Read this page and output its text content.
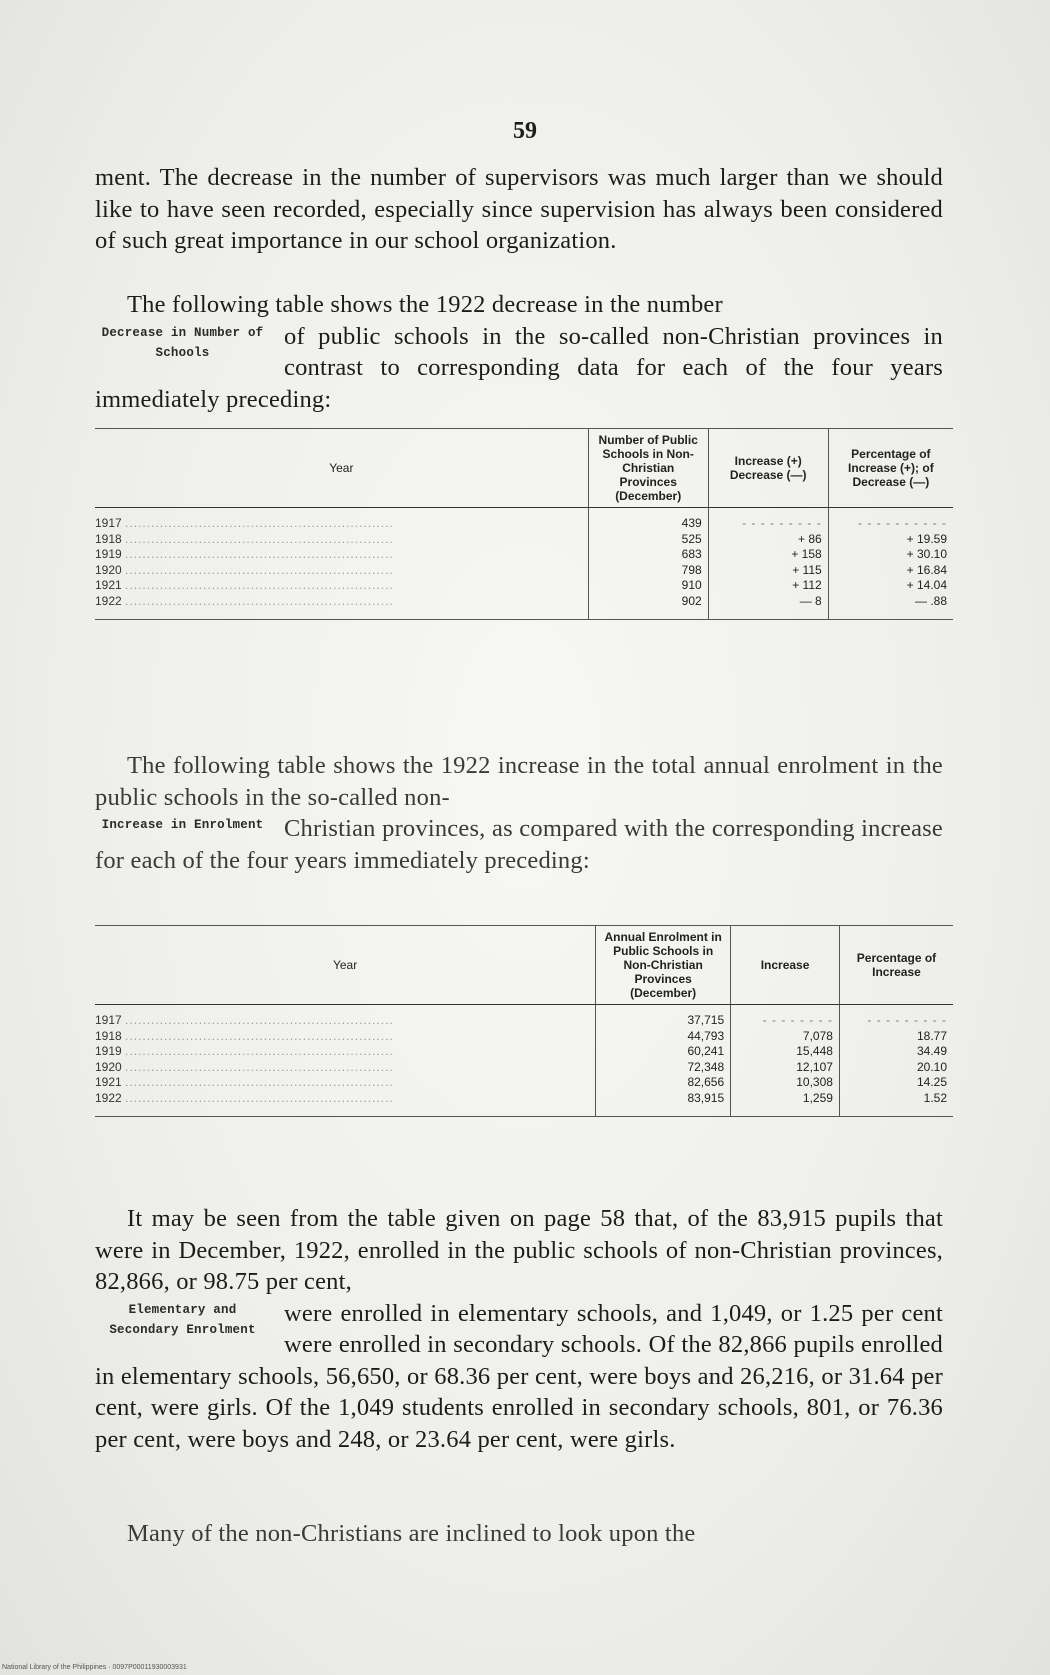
59
ment. The decrease in the number of supervisors was much larger than we should like to have seen recorded, especially since supervision has always been considered of such great importance in our school organization.
The following table shows the 1922 decrease in the number

Decrease in Number of Schools
of public schools in the so-called non-Christian provinces in contrast to corresponding data for each of the four years immediately preceding:
Year	Number of Public Schools in Non-Christian Provinces (December)	Increase (+) Decrease (—)	Percentage of Increase (+); of Decrease (—)
1917 ..............................................................	439	- - - - - - - - -	- - - - - - - - - -
1918 ..............................................................	525	+ 86	+ 19.59
1919 ..............................................................	683	+ 158	+ 30.10
1920 ..............................................................	798	+ 115	+ 16.84
1921 ..............................................................	910	+ 112	+ 14.04
1922 ..............................................................	902	— 8	— .88
The following table shows the 1922 increase in the total annual enrolment in the public schools in the so-called non-

Increase in Enrolment Christian provinces, as compared with the corresponding increase for each of the four years immediately preceding:
Year	Annual Enrolment in Public Schools in Non-Christian Provinces (December)	Increase	Percentage of Increase
1917 ..............................................................	37,715	- - - - - - - -	- - - - - - - - -
1918 ..............................................................	44,793	7,078	18.77
1919 ..............................................................	60,241	15,448	34.49
1920 ..............................................................	72,348	12,107	20.10
1921 ..............................................................	82,656	10,308	14.25
1922 ..............................................................	83,915	1,259	1.52
It may be seen from the table given on page 58 that, of the 83,915 pupils that were in December, 1922, enrolled in the public schools of non-Christian provinces, 82,866, or 98.75 per cent,

Elementary and Secondary Enrolment
were enrolled in elementary schools, and 1,049, or 1.25 per cent were enrolled in secondary schools. Of the 82,866 pupils enrolled in elementary schools, 56,650, or 68.36 per cent, were boys and 26,216, or 31.64 per cent, were girls. Of the 1,049 students enrolled in secondary schools, 801, or 76.36 per cent, were boys and 248, or 23.64 per cent, were girls.
Many of the non-Christians are inclined to look upon the
National Library of the Philippines · 0097P00011930003931
